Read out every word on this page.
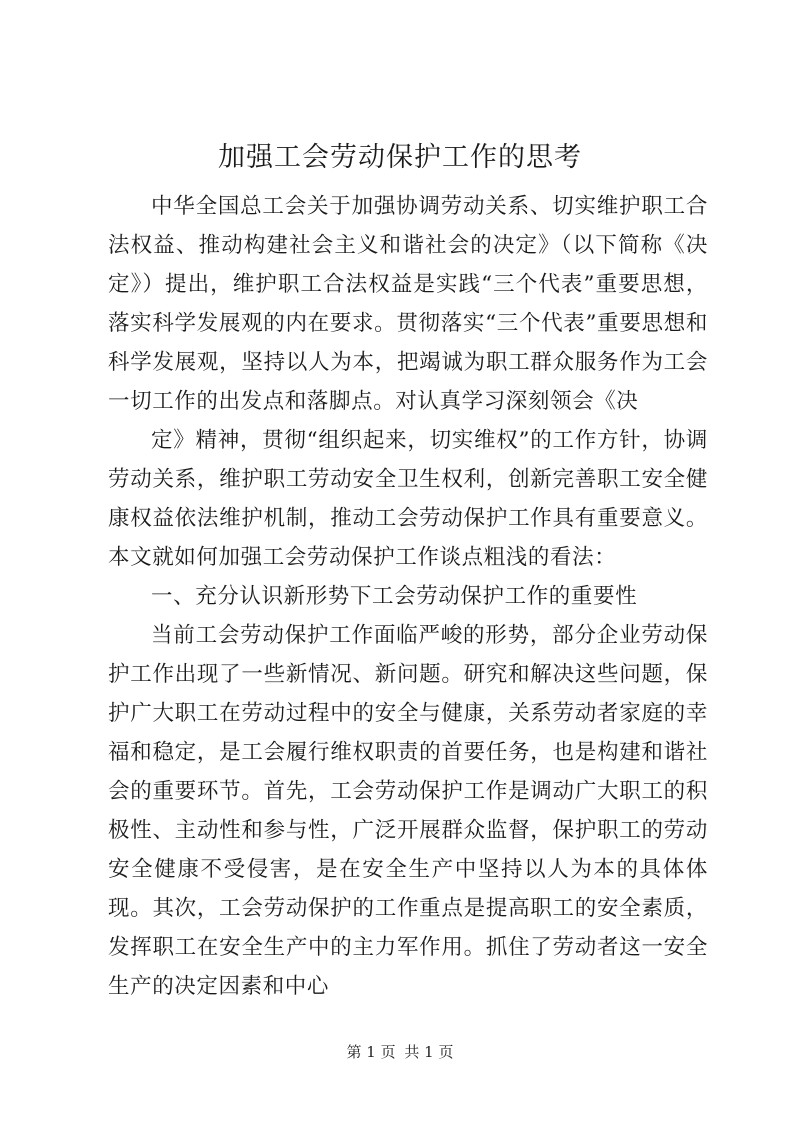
加强工会劳动保护工作的思考

中华全国总工会关于加强协调劳动关系、切实维护职工合法权益、推动构建社会主义和谐社会的决定》（以下简称《决定》）提出，维护职工合法权益是实践“三个代表”重要思想，落实科学发展观的内在要求。贯彻落实“三个代表”重要思想和科学发展观，坚持以人为本，把竭诚为职工群众服务作为工会一切工作的出发点和落脚点。对认真学习深刻领会《决

定》精神，贯彻“组织起来，切实维权”的工作方针，协调劳动关系，维护职工劳动安全卫生权利，创新完善职工安全健康权益依法维护机制，推动工会劳动保护工作具有重要意义。本文就如何加强工会劳动保护工作谈点粗浅的看法：

一、充分认识新形势下工会劳动保护工作的重要性

当前工会劳动保护工作面临严峻的形势，部分企业劳动保护工作出现了一些新情况、新问题。研究和解决这些问题，保护广大职工在劳动过程中的安全与健康，关系劳动者家庭的幸福和稳定，是工会履行维权职责的首要任务，也是构建和谐社会的重要环节。首先，工会劳动保护工作是调动广大职工的积极性、主动性和参与性，广泛开展群众监督，保护职工的劳动安全健康不受侵害，是在安全生产中坚持以人为本的具体体现。其次，工会劳动保护的工作重点是提高职工的安全素质，发挥职工在安全生产中的主力军作用。抓住了劳动者这一安全生产的决定因素和中心

第 1 页 共 1 页
